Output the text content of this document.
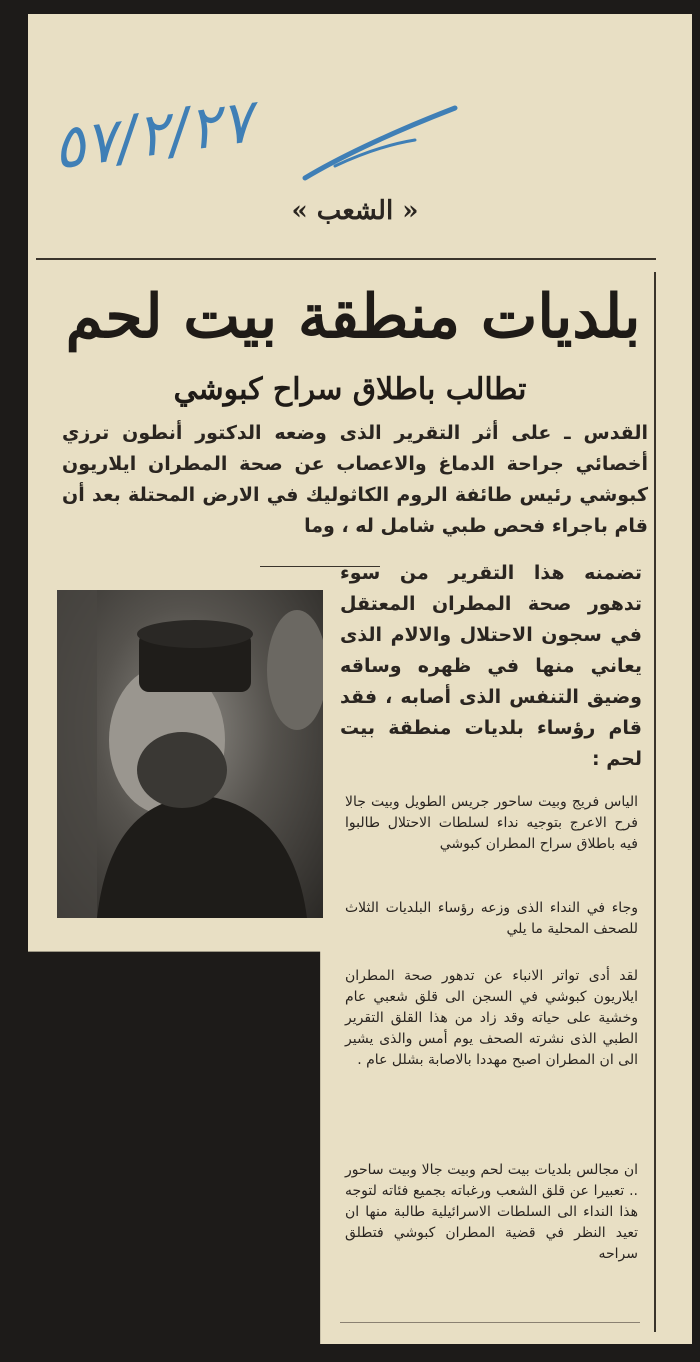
٥٧/٢/٢٧
« الشعب »
بلديات منطقة بيت لحم
تطالب باطلاق سراح كبوشي

القدس ـ على أثر التقرير الذى وضعه الدكتور أنطون ترزي أخصائي جراحة الدماغ والاعصاب عن صحة المطران ايلاريون كبوشي رئيس طائفة الروم الكاثوليك في الارض المحتلة بعد أن قام باجراء فحص طبي شامل له ، وما

تضمنه هذا التقرير من سوء تدهور صحة المطران المعتقل في سجون الاحتلال والالام الذى يعاني منها في ظهره وساقه وضيق التنفس الذى أصابه ، فقد قام رؤساء بلديات منطقة بيت لحم :

الياس فريج وبيت ساحور جريس الطويل وبيت جالا فرح الاعرج بتوجيه نداء لسلطات الاحتلال طالبوا فيه باطلاق سراح المطران كبوشي

وجاء في النداء الذى وزعه رؤساء البلديات الثلاث للصحف المحلية ما يلي

لقد أدى تواتر الانباء عن تدهور صحة المطران ايلاريون كبوشي في السجن الى قلق شعبي عام وخشية على حياته وقد زاد من هذا القلق التقرير الطبي الذى نشرته الصحف يوم أمس والذى يشير الى ان المطران اصبح مهددا بالاصابة بشلل عام .

ان مجالس بلديات بيت لحم وبيت جالا وبيت ساحور .. تعبيرا عن قلق الشعب ورغباته بجميع فئاته لتوجه هذا النداء الى السلطات الاسرائيلية طالبة منها ان تعيد النظر في قضية المطران كبوشي فتطلق سراحه
